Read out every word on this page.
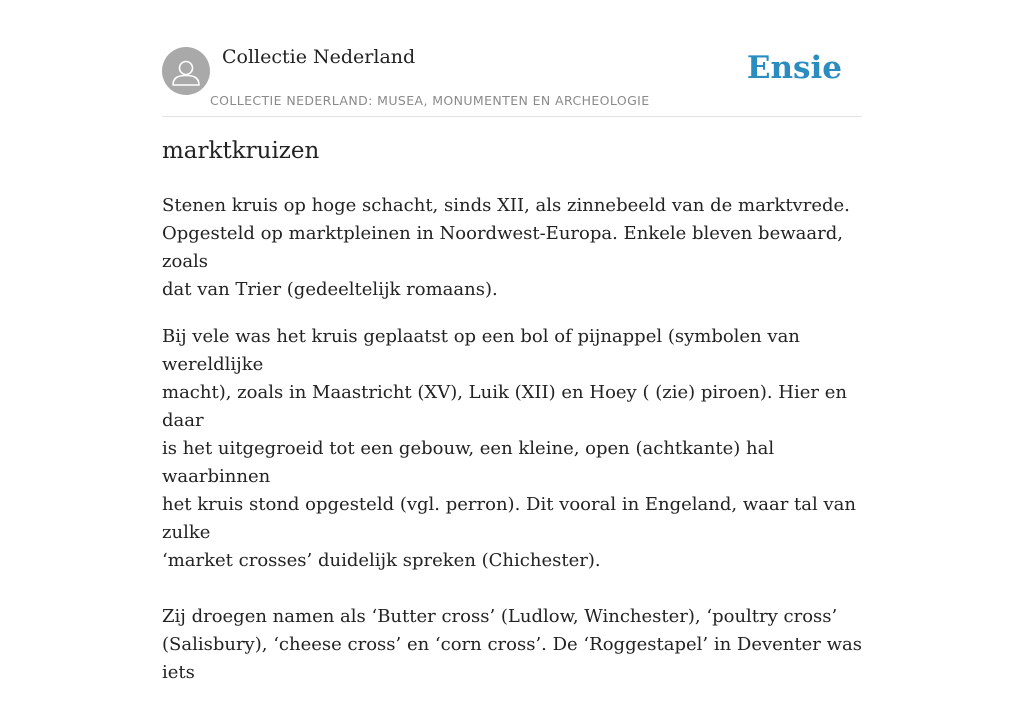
Collectie Nederland
COLLECTIE NEDERLAND: MUSEA, MONUMENTEN EN ARCHEOLOGIE
Ensie
marktkruizen

Stenen kruis op hoge schacht, sinds XII, als zinnebeeld van de marktvrede.
Opgesteld op marktpleinen in Noordwest-Europa. Enkele bleven bewaard, zoals
dat van Trier (gedeeltelijk romaans).

Bij vele was het kruis geplaatst op een bol of pijnappel (symbolen van wereldlijke
macht), zoals in Maastricht (XV), Luik (XII) en Hoey ( (zie) piroen). Hier en daar
is het uitgegroeid tot een gebouw, een kleine, open (achtkante) hal waarbinnen
het kruis stond opgesteld (vgl. perron). Dit vooral in Engeland, waar tal van zulke
‘market crosses’ duidelijk spreken (Chichester).

Zij droegen namen als ‘Butter cross’ (Ludlow, Winchester), ‘poultry cross’
(Salisbury), ‘cheese cross’ en ‘corn cross’. De ‘Roggestapel’ in Deventer was iets
